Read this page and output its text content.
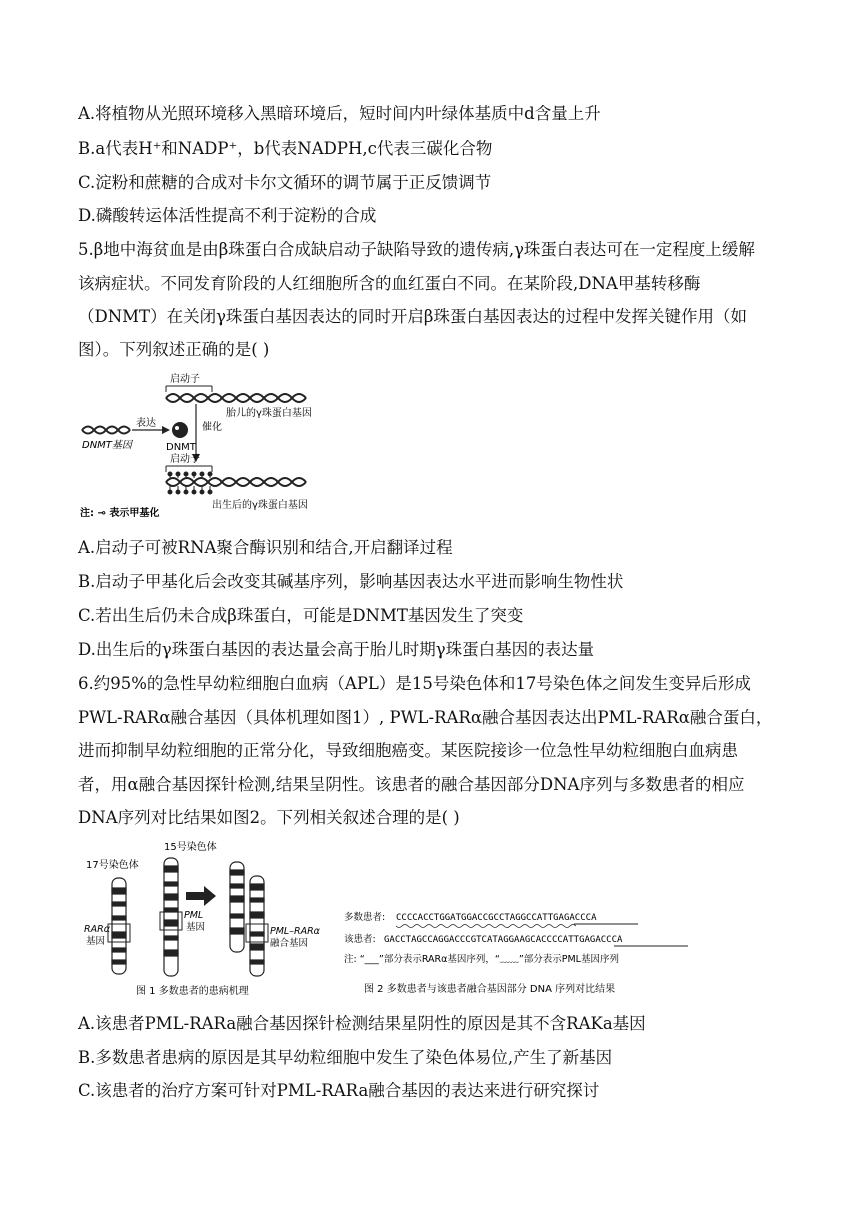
A.将植物从光照环境移入黑暗环境后，短时间内叶绿体基质中d含量上升
B.a代表H⁺和NADP⁺，b代表NADPH,c代表三碳化合物
C.淀粉和蔗糖的合成对卡尔文循环的调节属于正反馈调节
D.磷酸转运体活性提高不利于淀粉的合成
5.β地中海贫血是由β珠蛋白合成缺启动子缺陷导致的遗传病,γ珠蛋白表达可在一定程度上缓解
该病症状。不同发育阶段的人红细胞所含的血红蛋白不同。在某阶段,DNA甲基转移酶
（DNMT）在关闭γ珠蛋白基因表达的同时开启β珠蛋白基因表达的过程中发挥关键作用（如
图）。下列叙述正确的是( )
启动子
胎儿的γ珠蛋白基因
DNMT基因
表达
DNMT
催化
启动子
出生后的γ珠蛋白基因
注: ⊸ 表示甲基化
A.启动子可被RNA聚合酶识别和结合,开启翻译过程
B.启动子甲基化后会改变其碱基序列，影响基因表达水平进而影响生物性状
C.若出生后仍未合成β珠蛋白，可能是DNMT基因发生了突变
D.出生后的γ珠蛋白基因的表达量会高于胎儿时期γ珠蛋白基因的表达量
6.约95%的急性早幼粒细胞白血病（APL）是15号染色体和17号染色体之间发生变异后形成
PWL-RARα融合基因（具体机理如图1）, PWL-RARα融合基因表达出PML-RARα融合蛋白，
进而抑制早幼粒细胞的正常分化，导致细胞癌变。某医院接诊一位急性早幼粒细胞白血病患
者，用α融合基因探针检测,结果呈阴性。该患者的融合基因部分DNA序列与多数患者的相应
DNA序列对比结果如图2。下列相关叙述合理的是( )
15号染色体
17号染色体
RARα
基因
PML
基因	PML–RARα
融合基因
图 1 多数患者的患病机理
多数患者: CCCCACCTGGATGGACCGCCTAGGCCATTGAGACCCA
该患者: GACCTAGCCAGGACCCGTCATAGGAAGCACCCCATTGAGACCCA
注: “___”部分表示RARα基因序列，“﹏﹏”部分表示PML基因序列
图 2 多数患者与该患者融合基因部分 DNA 序列对比结果
A.该患者PML-RARa融合基因探针检测结果星阴性的原因是其不含RAKa基因
B.多数患者患病的原因是其早幼粒细胞中发生了染色体易位,产生了新基因
C.该患者的治疗方案可针对PML-RARa融合基因的表达来进行研究探讨
